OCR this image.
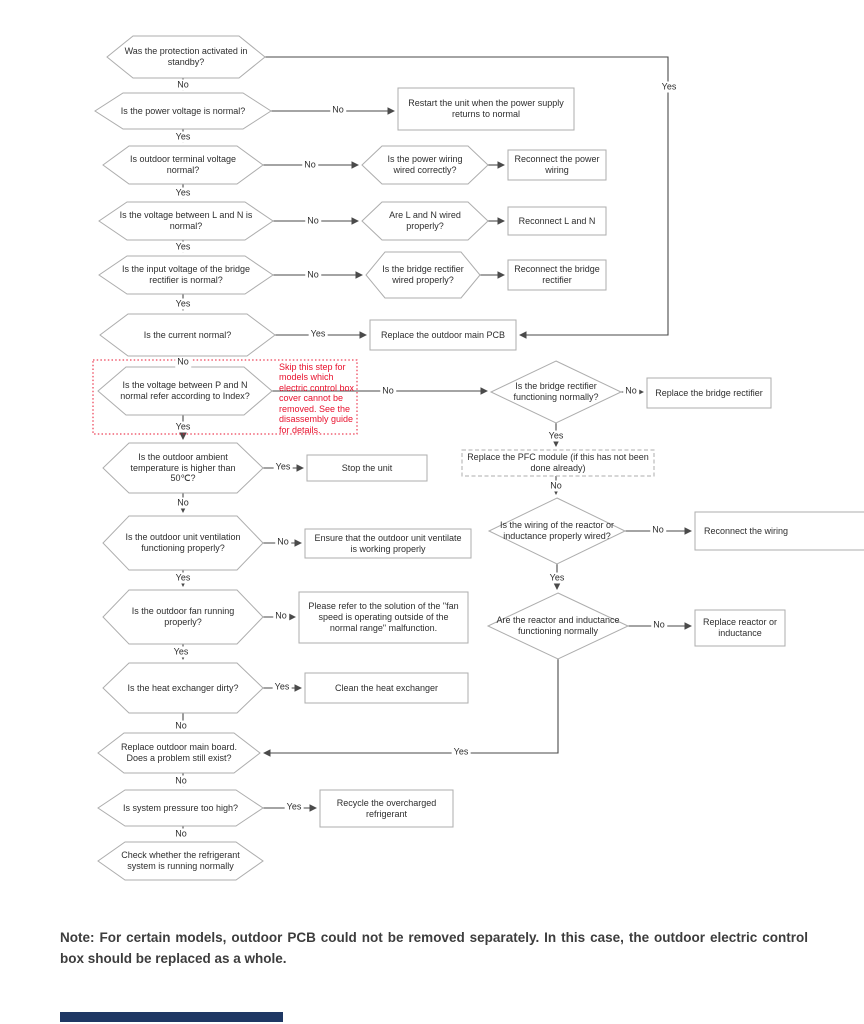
Was the protection activated in standby?
Is the power voltage is normal?
Is outdoor terminal voltage normal?
Is the voltage between L and N is normal?
Is the input voltage of the bridge rectifier is normal?
Is the current normal?
Is the voltage between P and N normal refer according to Index?
Is the outdoor ambient temperature is higher than 50℃?
Is the outdoor unit ventilation functioning properly?
Is the outdoor fan running properly?
Is the heat exchanger dirty?
Replace outdoor main board. Does a problem still exist?
Is system pressure too high?
Check whether the refrigerant system is running normally
Is the power wiring wired correctly?
Are L and N wired properly?
Is the bridge rectifier wired properly?
Is the bridge rectifier functioning normally?
Is the wiring of the reactor or inductance properly wired?
Are the reactor and inductance functioning normally
Restart the unit when the power supply returns to normal
Reconnect the power wiring
Reconnect L and N
Reconnect the bridge rectifier
Replace the outdoor main PCB
Replace the bridge rectifier
Replace the PFC module (if this has not been done already)
Reconnect the wiring
Replace reactor or inductance
Stop the unit
Ensure that the outdoor unit ventilate is working properly
Please refer to the solution of the "fan speed is operating outside of the normal range" malfunction.
Clean the heat exchanger
Recycle the overcharged refrigerant
No	Yes
No
Yes
No
Yes
No
Yes
No
Yes
Yes
No
No
Yes
No
Yes
No
No
Yes
No
Yes
Yes
No
No
Yes
No
Yes
Yes
No
No
Yes
No
Skip this step for models which electric control box cover cannot be removed. See the disassembly guide for details.
Note: For certain models, outdoor PCB could not be removed separately. In this case, the outdoor electric control box should be replaced as a whole.
